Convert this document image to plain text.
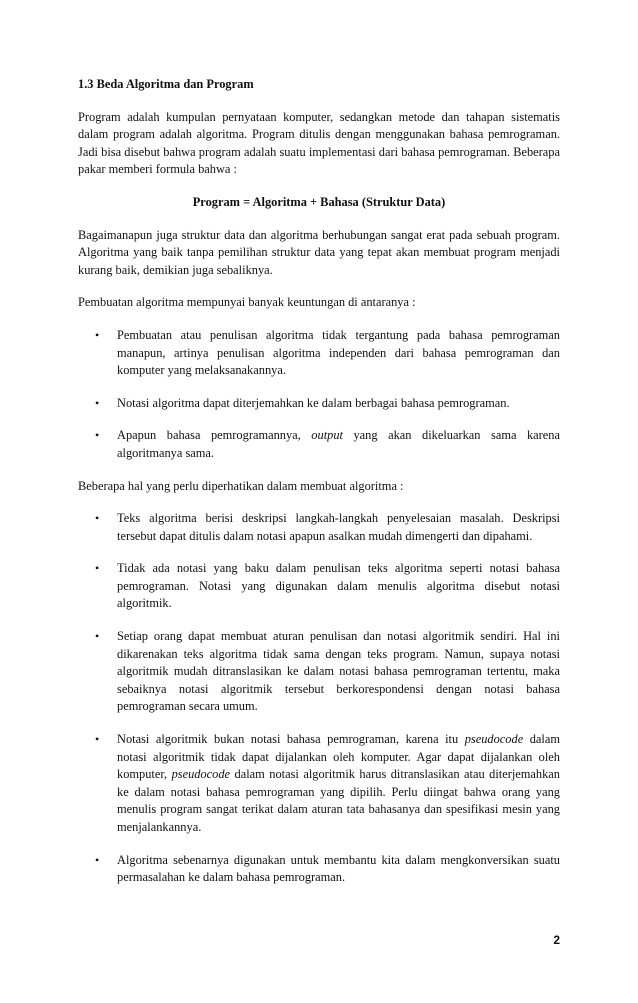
1.3 Beda Algoritma dan Program

Program adalah kumpulan pernyataan komputer, sedangkan metode dan tahapan sistematis dalam program adalah algoritma. Program ditulis dengan menggunakan bahasa pemrograman. Jadi bisa disebut bahwa program adalah suatu implementasi dari bahasa pemrograman. Beberapa pakar memberi formula bahwa :

Program = Algoritma + Bahasa (Struktur Data)

Bagaimanapun juga struktur data dan algoritma berhubungan sangat erat pada sebuah program. Algoritma yang baik tanpa pemilihan struktur data yang tepat akan membuat program menjadi kurang baik, demikian juga sebaliknya.

Pembuatan algoritma mempunyai banyak keuntungan di antaranya :

• Pembuatan atau penulisan algoritma tidak tergantung pada bahasa pemrograman manapun, artinya penulisan algoritma independen dari bahasa pemrograman dan komputer yang melaksanakannya.
• Notasi algoritma dapat diterjemahkan ke dalam berbagai bahasa pemrograman.
• Apapun bahasa pemrogramannya, output yang akan dikeluarkan sama karena algoritmanya sama.

Beberapa hal yang perlu diperhatikan dalam membuat algoritma :

• Teks algoritma berisi deskripsi langkah-langkah penyelesaian masalah. Deskripsi tersebut dapat ditulis dalam notasi apapun asalkan mudah dimengerti dan dipahami.
• Tidak ada notasi yang baku dalam penulisan teks algoritma seperti notasi bahasa pemrograman. Notasi yang digunakan dalam menulis algoritma disebut notasi algoritmik.
• Setiap orang dapat membuat aturan penulisan dan notasi algoritmik sendiri. Hal ini dikarenakan teks algoritma tidak sama dengan teks program. Namun, supaya notasi algoritmik mudah ditranslasikan ke dalam notasi bahasa pemrograman tertentu, maka sebaiknya notasi algoritmik tersebut berkorespondensi dengan notasi bahasa pemrograman secara umum.
• Notasi algoritmik bukan notasi bahasa pemrograman, karena itu pseudocode dalam notasi algoritmik tidak dapat dijalankan oleh komputer. Agar dapat dijalankan oleh komputer, pseudocode dalam notasi algoritmik harus ditranslasikan atau diterjemahkan ke dalam notasi bahasa pemrograman yang dipilih. Perlu diingat bahwa orang yang menulis program sangat terikat dalam aturan tata bahasanya dan spesifikasi mesin yang menjalankannya.
• Algoritma sebenarnya digunakan untuk membantu kita dalam mengkonversikan suatu permasalahan ke dalam bahasa pemrograman.
2
